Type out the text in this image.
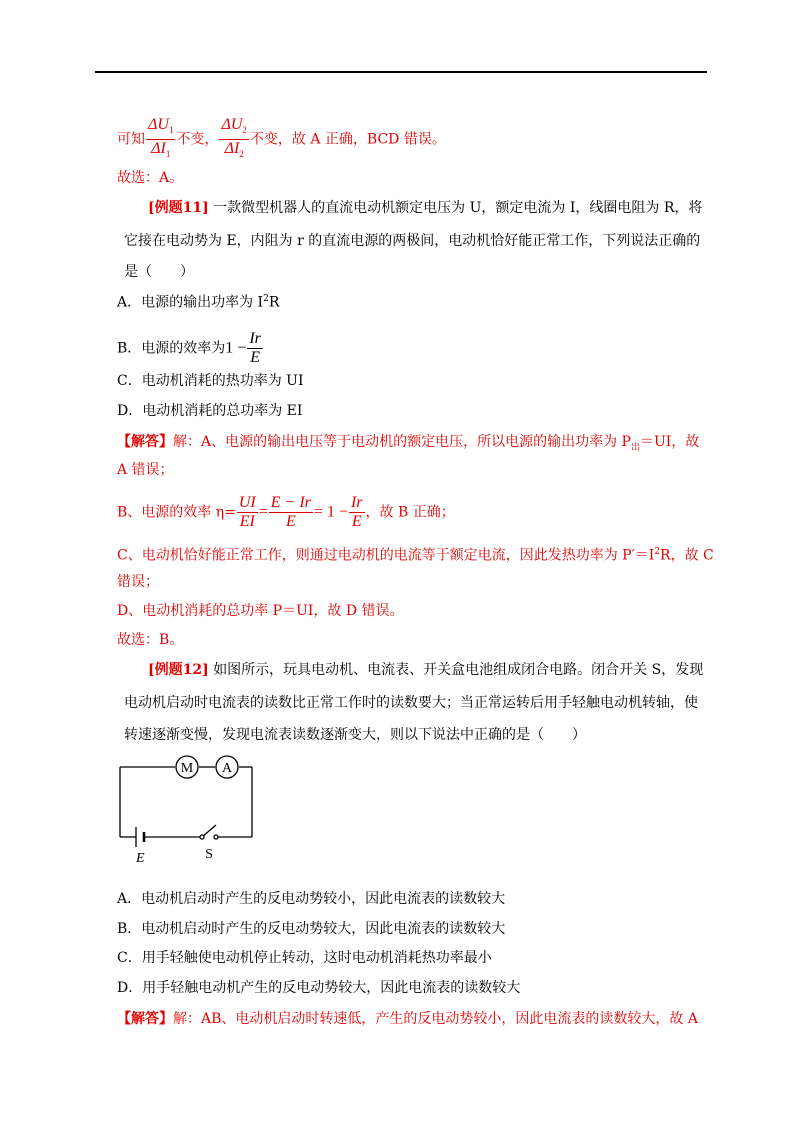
可知 $\frac{\Delta U_1}{\Delta I_1}$ 不变， $\frac{\Delta U_2}{\Delta I_2}$ 不变，故 A 正确，BCD 错误。
故选：A。
[例题11] 一款微型机器人的直流电动机额定电压为 U，额定电流为 I，线圈电阻为 R，将
它接在电动势为 E，内阻为 r 的直流电源的两极间，电动机恰好能正常工作，下列说法正确的
是（　　）
A．电源的输出功率为 $I^2R$
B．电源的效率为$1 - \frac{Ir}{E}$
C．电动机消耗的热功率为 UI
D．电动机消耗的总功率为 EI
【解答】解：A、电源的输出电压等于电动机的额定电压，所以电源的输出功率为 $P_出=UI$，故
A 错误；
B、电源的效率 $\eta= \frac{UI}{EI} = \frac{E - Ir}{E} = 1 - \frac{Ir}{E}$ ，故 B 正确；
C、电动机恰好能正常工作，则通过电动机的电流等于额定电流，因此发热功率为 $P'=I^2R$，故 C
错误；
D、电动机消耗的总功率 P＝UI，故 D 错误。
故选：B。
[例题12] 如图所示，玩具电动机、电流表、开关盒电池组成闭合电路。闭合开关 S，发现
电动机启动时电流表的读数比正常工作时的读数要大；当正常运转后用手轻触电动机转轴，使
转速逐渐变慢，发现电流表读数逐渐变大，则以下说法中正确的是（　　）
M A
E	S
A．电动机启动时产生的反电动势较小，因此电流表的读数较大
B．电动机启动时产生的反电动势较大，因此电流表的读数较大
C．用手轻触使电动机停止转动，这时电动机消耗热功率最小
D．用手轻触电动机产生的反电动势较大，因此电流表的读数较大
【解答】解：AB、电动机启动时转速低，产生的反电动势较小，因此电流表的读数较大，故 A
